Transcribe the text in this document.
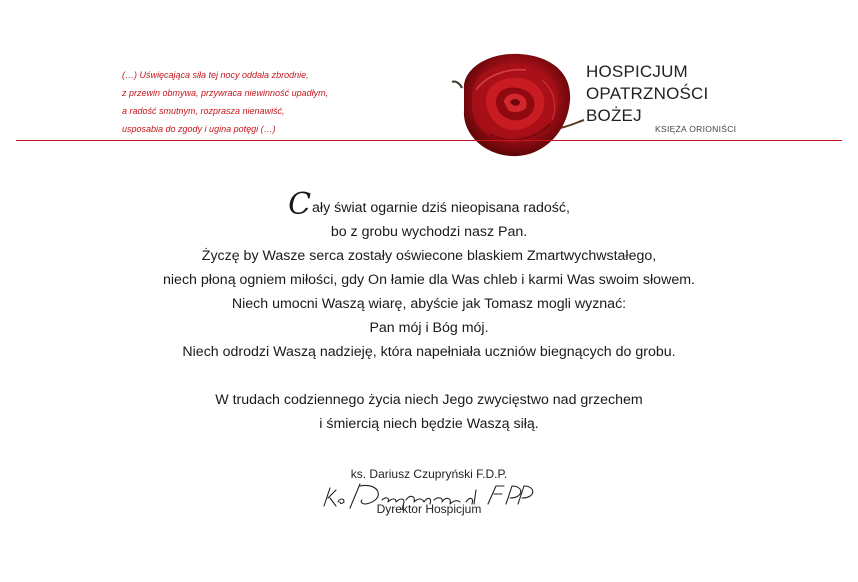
(…) Uświęcająca siła tej nocy oddala zbrodnie,
z przewin obmywa, przywraca niewinność upadłym,
a radość smutnym, rozprasza nienawiść,
usposabia do zgody i ugina potęgi (…)
HOSPICJUM
OPATRZNOŚCI
BOŻEJ
KSIĘŻA ORIONIŚCI
Cały świat ogarnie dziś nieopisana radość,
bo z grobu wychodzi nasz Pan.
Życzę by Wasze serca zostały oświecone blaskiem Zmartwychwstałego,
niech płoną ogniem miłości, gdy On łamie dla Was chleb i karmi Was swoim słowem.
Niech umocni Waszą wiarę, abyście jak Tomasz mogli wyznać:
Pan mój i Bóg mój.
Niech odrodzi Waszą nadzieję, która napełniała uczniów biegnących do grobu.
W trudach codziennego życia niech Jego zwycięstwo nad grzechem
i śmiercią niech będzie Waszą siłą.
ks. Dariusz Czupryński F.D.P.
Dyrektor Hospicjum
